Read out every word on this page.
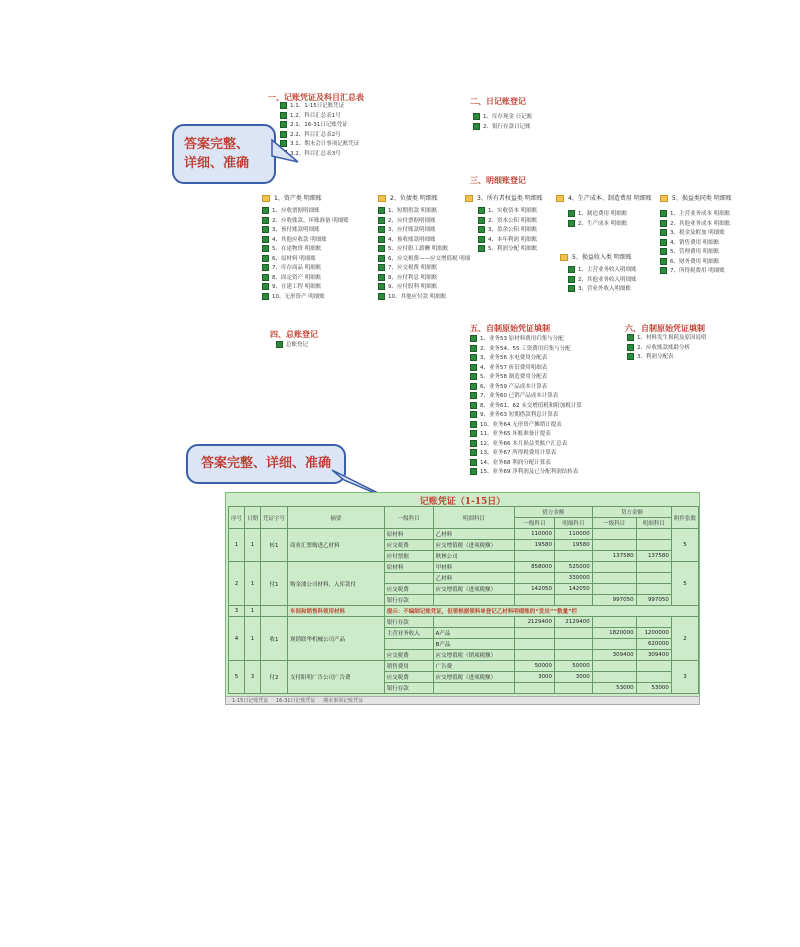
一、记账凭证及科目汇总表
1.1、1-15日记账凭证
1.2、科目汇总表1号
2.1、16-31日记账凭证
2.2、科目汇总表2号
3.1、期末会计事项记账凭证
3.2、科目汇总表3号
二、日记账登记
1、库存现金 日记账
2、银行存款日记账
答案完整、
详细、准确
三、明细账登记
1、资产类 明细账	2、负债类 明细账	3、所有者权益类 明细账	4、生产成本、制造费用 明细账	5、损益类同类 明细账
1、应收票据明细账
2、应收账款、坏账准备 明细账
3、预付账款明细账
4、其他应收款 明细账
5、在途物资 明细账
6、原材料 明细账
7、库存商品 明细账
8、固定资产 明细账
9、在建工程 明细账
10、无形资产 明细账
1、短期借款 明细账
2、应付票据明细账
3、应付账款明细账
4、预收账款明细账
5、应付职工薪酬 明细账
6、应交税费——应交增值税 明细
7、应交税费 明细账
8、应付利息 明细账
9、应付股利 明细账
10、其他应付款 明细账
1、实收资本 明细账
2、资本公积 明细账
3、盈余公积 明细账
4、本年利润 明细账
5、利润分配 明细账
1、制造费用 明细账
2、生产成本 明细账
5、损益收入类 明细账
1、主营业务收入明细账
2、其他业务收入明细账
3、营业外收入明细账
1、主营业务成本 明细账
2、其他业务成本 明细账
3、税金及附加 明细账
4、销售费用 明细账
5、管理费用 明细账
6、财务费用 明细账
7、所得税费用 明细账
四、总账登记
总账登记
五、自制原始凭证填制
1、业务53 原材料费用归集与分配
2、业务54、55 工资费用归集与分配
3、业务56 水电费用分配表
4、业务57 折旧费用明细表
5、业务58 制造费用分配表
6、业务59 产品成本计算表
7、业务60 已销产品成本计算表
8、业务61、62 未交增值税和附加税计算
9、业务63 短期借款利息计算表
10、业务64 无形资产摊销计提表
11、业务65 坏账准备计提表
12、业务66 本月损益类账户汇总表
13、业务67 所得税费用计算表
14、业务68 利润分配计算表
15、业务69 净利润及已分配利润结转表
六、自制原始凭证填制
1、材料发生损耗及原因说明
2、应收账款账龄分析
3、利润分配表
答案完整、详细、准确
记账凭证（1-15日）
序号	日期	凭证字号	摘要	一级科目	明细科目	借方金额		贷方金额		附件张数
						一级科目	明细科目	一级科目	明细科目	
1	1	转1	商业汇票购进乙材料	原材料	乙材料	110000	110000			5
				应交税费	应交增值税（进项税额）	19580	19580			
				应付票据	秋林公司			137580	137580	
2	1	付1	购金浦公司材料，入库款付	原材料	甲材料	858000	525000			5
					乙材料		330000			
				应交税费	应交增值税（进项税额）	142050	142050			
				银行存款				997050	997050	
3	1		车间和销售科领用材料	提示：不编制记账凭证，但要根据领料单登记乙材料明细账的“发出”“数量”栏						
4	1	收1	现销联华机械公司产品	银行存款		2129400	2129400			2
				主营业务收入	A产品			1820000	1200000	
					B产品				620000	
				应交税费	应交增值税（销项税额）			309400	309400	
5	3	付2	支付阳明广告公司广告费	销售费用	广告费	50000	50000			3
				应交税费	应交增值税（进项税额）	3000	3000			
				银行存款				53000	53000	
1-15日记账凭证 16-31日记账凭证 期末事项记账凭证
